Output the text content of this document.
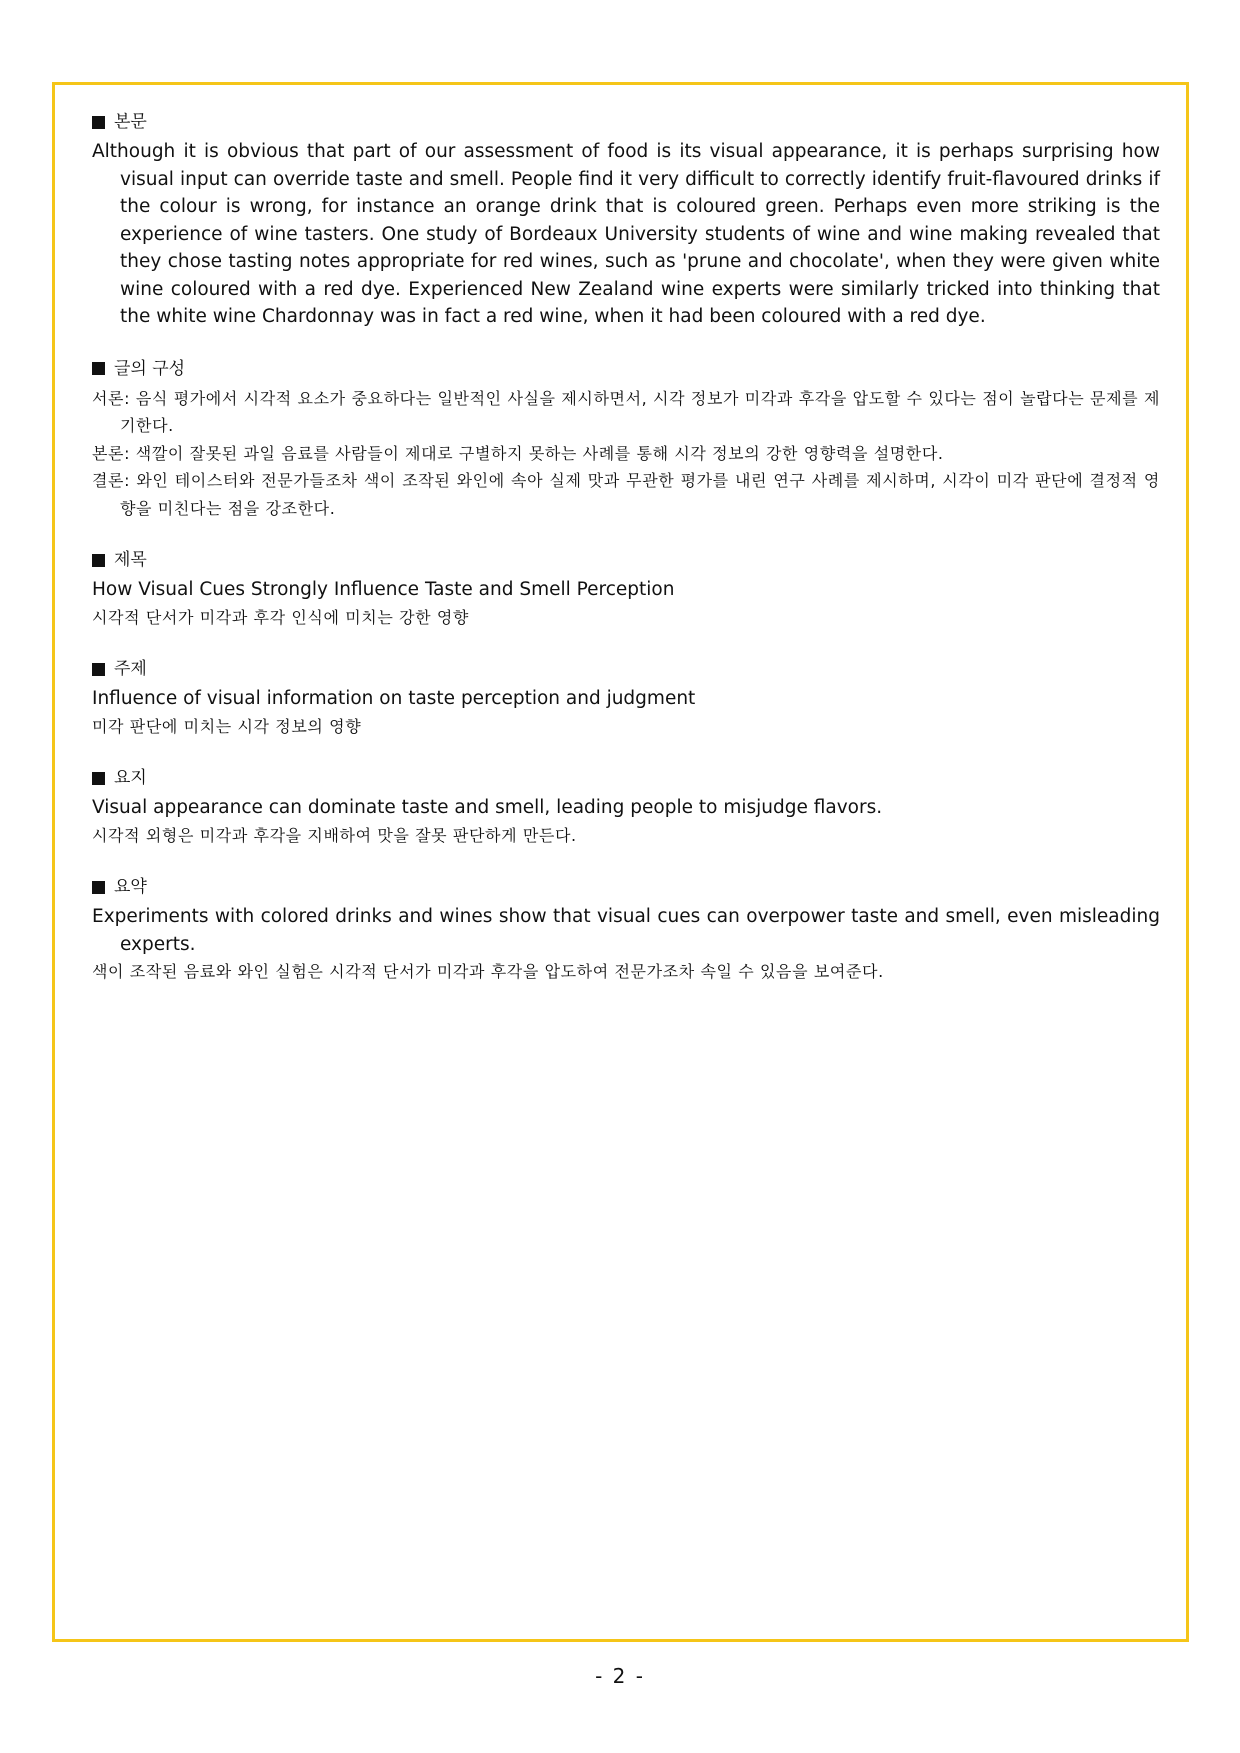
본문

Although it is obvious that part of our assessment of food is its visual appearance, it is perhaps surprising how visual input can override taste and smell. People find it very difficult to correctly identify fruit-flavoured drinks if the colour is wrong, for instance an orange drink that is coloured green. Perhaps even more striking is the experience of wine tasters. One study of Bordeaux University students of wine and wine making revealed that they chose tasting notes appropriate for red wines, such as 'prune and chocolate', when they were given white wine coloured with a red dye. Experienced New Zealand wine experts were similarly tricked into thinking that the white wine Chardonnay was in fact a red wine, when it had been coloured with a red dye.

글의 구성

서론: 음식 평가에서 시각적 요소가 중요하다는 일반적인 사실을 제시하면서, 시각 정보가 미각과 후각을 압도할 수 있다는 점이 놀랍다는 문제를 제기한다.

본론: 색깔이 잘못된 과일 음료를 사람들이 제대로 구별하지 못하는 사례를 통해 시각 정보의 강한 영향력을 설명한다.

결론: 와인 테이스터와 전문가들조차 색이 조작된 와인에 속아 실제 맛과 무관한 평가를 내린 연구 사례를 제시하며, 시각이 미각 판단에 결정적 영향을 미친다는 점을 강조한다.

제목

How Visual Cues Strongly Influence Taste and Smell Perception

시각적 단서가 미각과 후각 인식에 미치는 강한 영향

주제

Influence of visual information on taste perception and judgment

미각 판단에 미치는 시각 정보의 영향

요지

Visual appearance can dominate taste and smell, leading people to misjudge flavors.

시각적 외형은 미각과 후각을 지배하여 맛을 잘못 판단하게 만든다.

요약

Experiments with colored drinks and wines show that visual cues can overpower taste and smell, even misleading experts.

색이 조작된 음료와 와인 실험은 시각적 단서가 미각과 후각을 압도하여 전문가조차 속일 수 있음을 보여준다.

- 2 -
